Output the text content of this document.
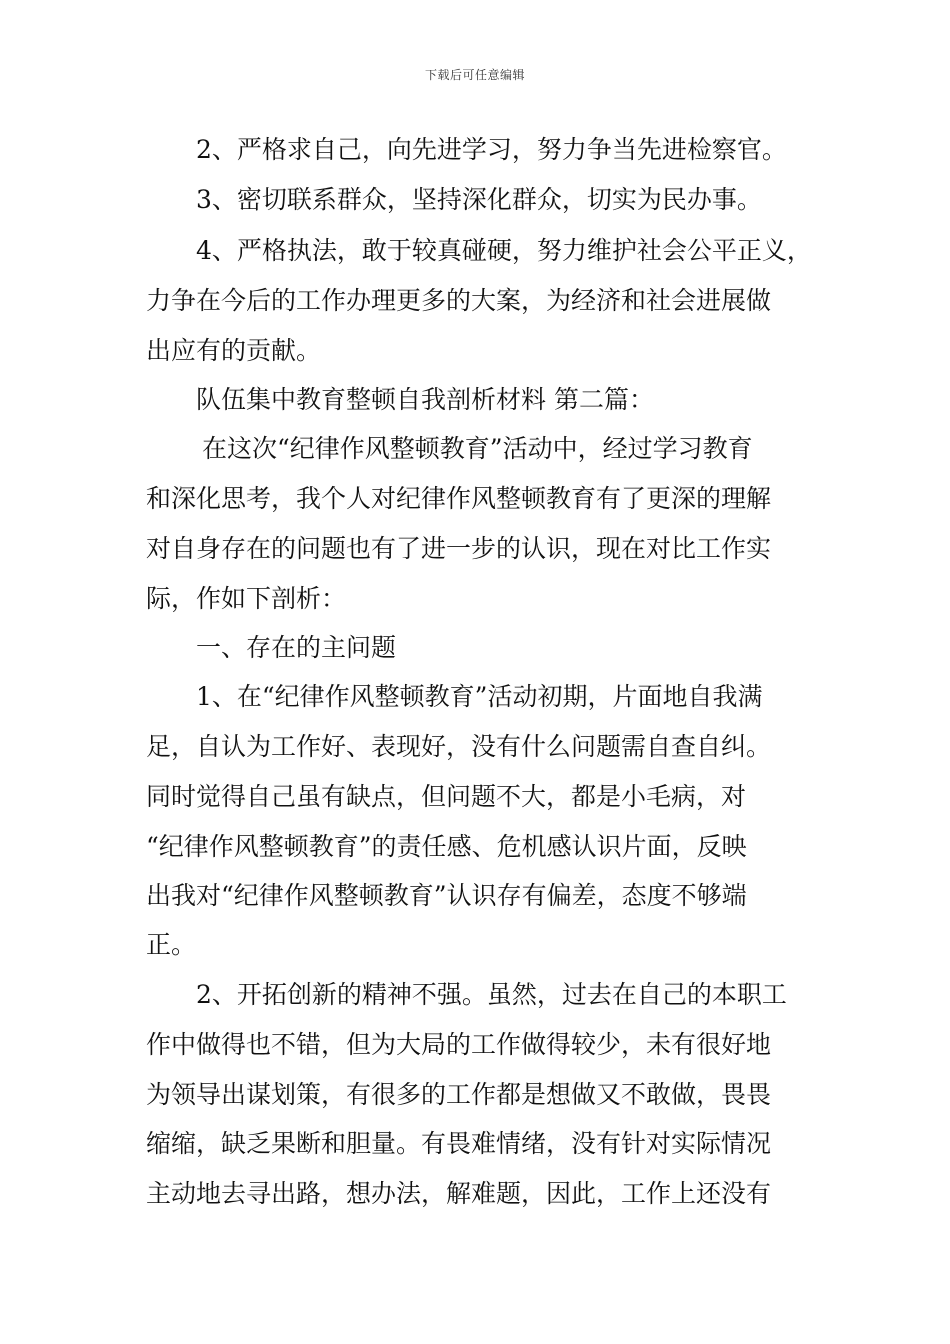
下载后可任意编辑
2、严格求自己，向先进学习，努力争当先进检察官。
3、密切联系群众，坚持深化群众，切实为民办事。
4、严格执法，敢于较真碰硬，努力维护社会公平正义，
力争在今后的工作办理更多的大案，为经济和社会进展做
出应有的贡献。
队伍集中教育整顿自我剖析材料 第二篇：
在这次“纪律作风整顿教育”活动中，经过学习教育
和深化思考，我个人对纪律作风整顿教育有了更深的理解
对自身存在的问题也有了进一步的认识，现在对比工作实
际，作如下剖析：
一、存在的主问题
1、在“纪律作风整顿教育”活动初期，片面地自我满
足，自认为工作好、表现好，没有什么问题需自查自纠。
同时觉得自己虽有缺点，但问题不大，都是小毛病，对
“纪律作风整顿教育”的责任感、危机感认识片面，反映
出我对“纪律作风整顿教育”认识存有偏差，态度不够端
正。
2、开拓创新的精神不强。虽然，过去在自己的本职工
作中做得也不错，但为大局的工作做得较少，未有很好地
为领导出谋划策，有很多的工作都是想做又不敢做，畏畏
缩缩，缺乏果断和胆量。有畏难情绪，没有针对实际情况
主动地去寻出路，想办法，解难题，因此，工作上还没有
